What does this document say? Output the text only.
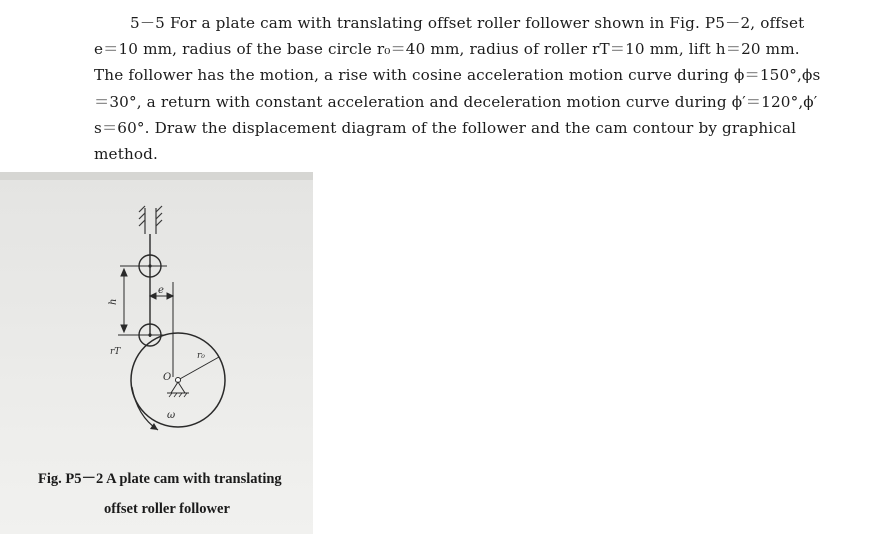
5－5 For a plate cam with translating offset roller follower shown in Fig. P5－2, offset
e＝10 mm, radius of the base circle r₀＝40 mm, radius of roller rT＝10 mm, lift h＝20 mm.
The follower has the motion, a rise with cosine acceleration motion curve during ϕ＝150°,ϕs
＝30°, a return with constant acceleration and deceleration motion curve during ϕ′＝120°,ϕ′
s＝60°. Draw the displacement diagram of the follower and the cam contour by graphical
method.
h
e
rT	r₀
O
ω
Fig. P5－2 A plate cam with translating
offset roller follower
